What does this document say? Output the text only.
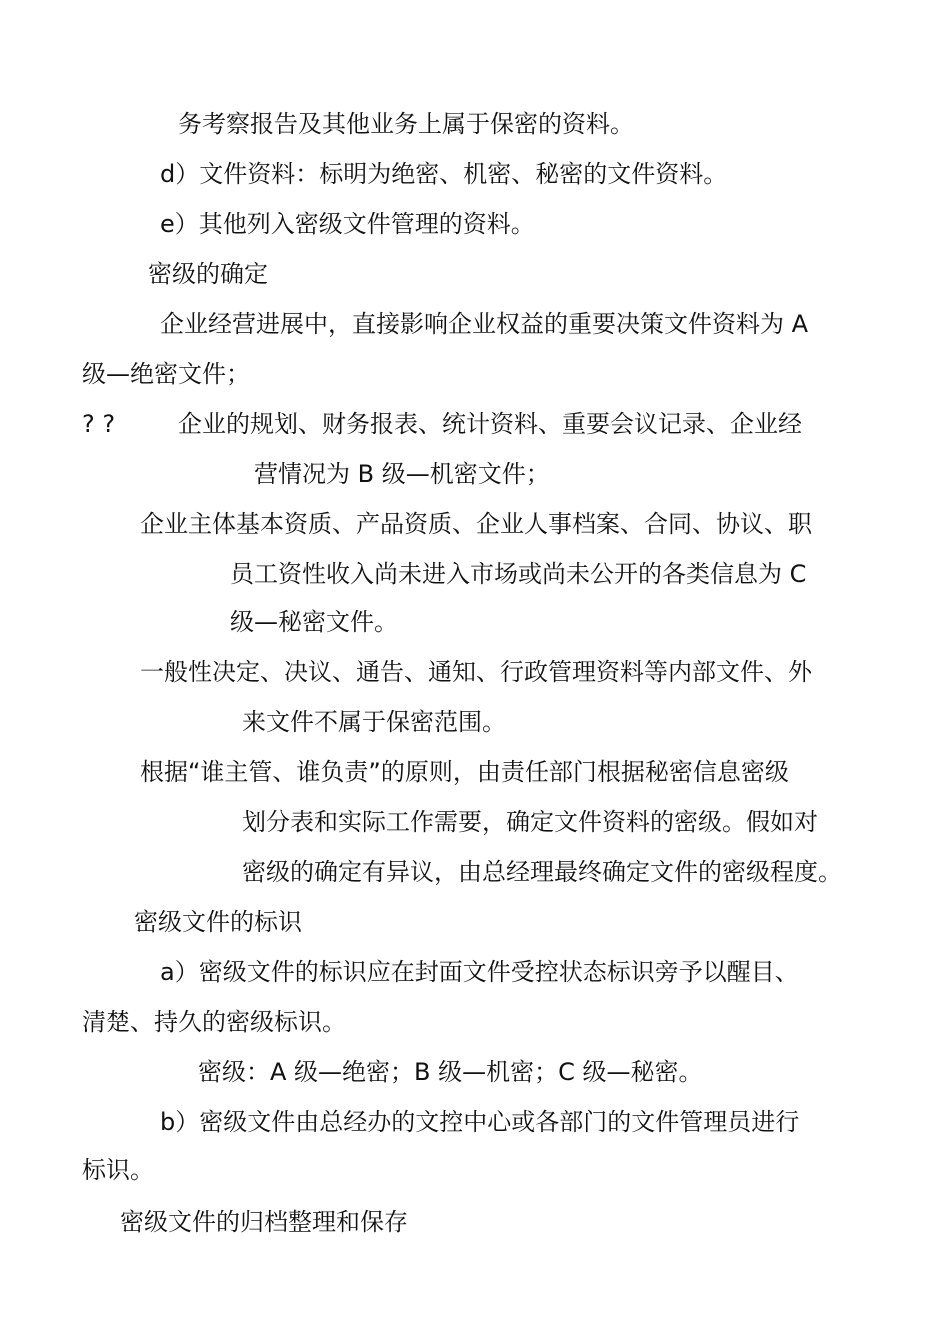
务考察报告及其他业务上属于保密的资料。
d）文件资料：标明为绝密、机密、秘密的文件资料。
e）其他列入密级文件管理的资料。
密级的确定
企业经营进展中，直接影响企业权益的重要决策文件资料为 A
级—绝密文件；
? ?	企业的规划、财务报表、统计资料、重要会议记录、企业经
营情况为 B 级—机密文件；
企业主体基本资质、产品资质、企业人事档案、合同、协议、职
员工资性收入尚未进入市场或尚未公开的各类信息为 C
级—秘密文件。
一般性决定、决议、通告、通知、行政管理资料等内部文件、外
来文件不属于保密范围。
根据“谁主管、谁负责”的原则，由责任部门根据秘密信息密级
划分表和实际工作需要，确定文件资料的密级。假如对
密级的确定有异议，由总经理最终确定文件的密级程度。
密级文件的标识
a）密级文件的标识应在封面文件受控状态标识旁予以醒目、
清楚、持久的密级标识。
密级：A 级—绝密；B 级—机密；C 级—秘密。
b）密级文件由总经办的文控中心或各部门的文件管理员进行
标识。
密级文件的归档整理和保存
